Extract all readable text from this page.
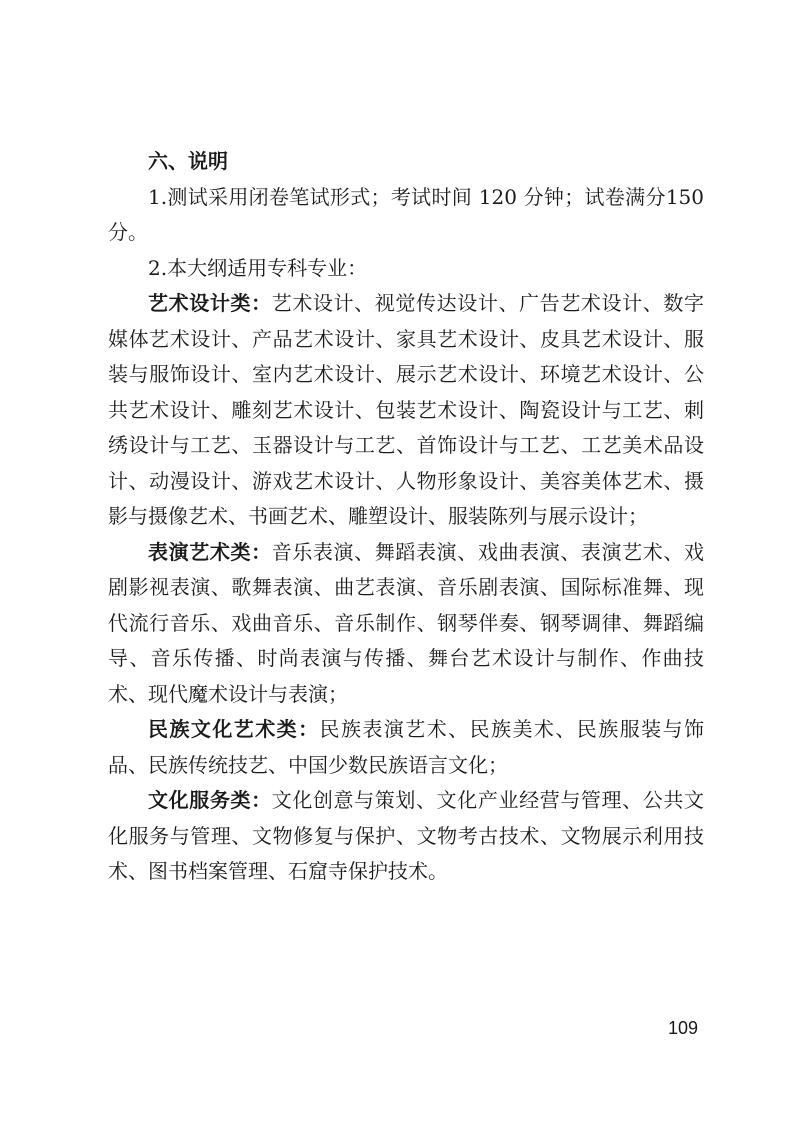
六、说明

1.测试采用闭卷笔试形式；考试时间 120 分钟；试卷满分150分。

2.本大纲适用专科专业：

艺术设计类：艺术设计、视觉传达设计、广告艺术设计、数字媒体艺术设计、产品艺术设计、家具艺术设计、皮具艺术设计、服装与服饰设计、室内艺术设计、展示艺术设计、环境艺术设计、公共艺术设计、雕刻艺术设计、包装艺术设计、陶瓷设计与工艺、刺绣设计与工艺、玉器设计与工艺、首饰设计与工艺、工艺美术品设计、动漫设计、游戏艺术设计、人物形象设计、美容美体艺术、摄影与摄像艺术、书画艺术、雕塑设计、服装陈列与展示设计；

表演艺术类：音乐表演、舞蹈表演、戏曲表演、表演艺术、戏剧影视表演、歌舞表演、曲艺表演、音乐剧表演、国际标准舞、现代流行音乐、戏曲音乐、音乐制作、钢琴伴奏、钢琴调律、舞蹈编导、音乐传播、时尚表演与传播、舞台艺术设计与制作、作曲技术、现代魔术设计与表演；

民族文化艺术类：民族表演艺术、民族美术、民族服装与饰品、民族传统技艺、中国少数民族语言文化；

文化服务类：文化创意与策划、文化产业经营与管理、公共文化服务与管理、文物修复与保护、文物考古技术、文物展示利用技术、图书档案管理、石窟寺保护技术。

109
